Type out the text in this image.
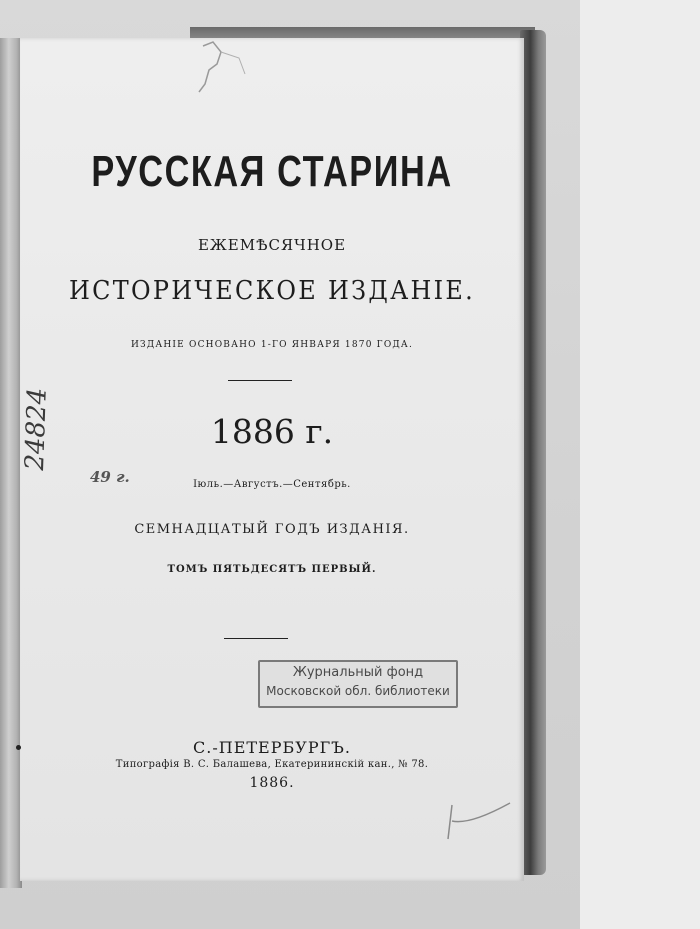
РУССКАЯ СТАРИНА
ЕЖЕМѢСЯЧНОЕ
ИСТОРИЧЕСКОЕ ИЗДАНІЕ.
ИЗДАНІЕ ОСНОВАНО 1-ГО ЯНВАРЯ 1870 ГОДА.
1886 г.
Іюль.—Августъ.—Сентябрь.
СЕМНАДЦАТЫЙ ГОДЪ ИЗДАНІЯ.
ТОМЪ ПЯТЬДЕСЯТЪ ПЕРВЫЙ.
Журнальный фонд
Московской обл. библиотеки
С.-ПЕТЕРБУРГЪ.
Типографія В. С. Балашева, Екатерининскій кан., № 78.
1886.
24824
49 г.
